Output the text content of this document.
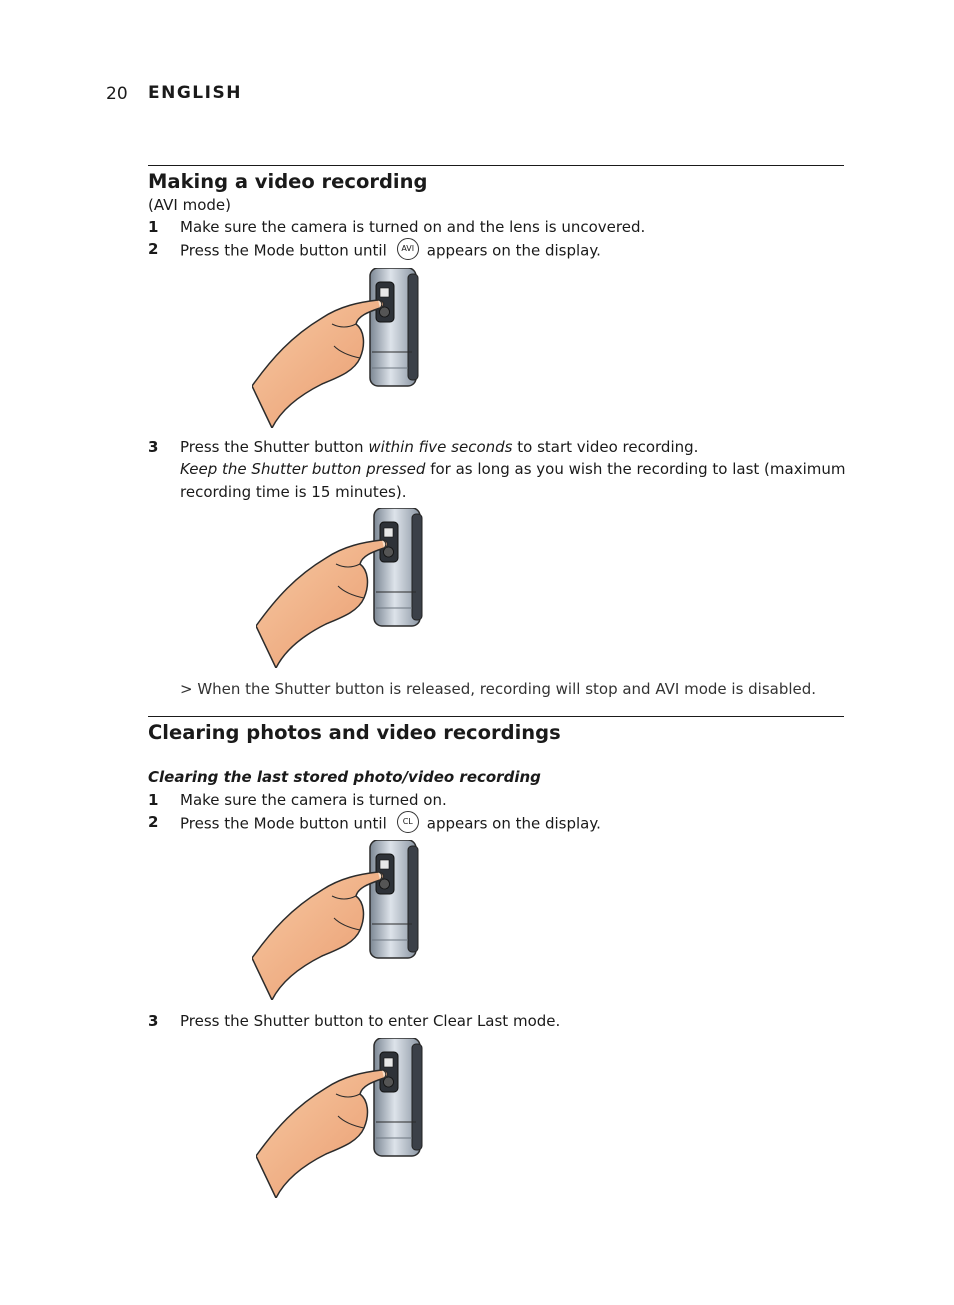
20 ENGLISH
Making a video recording
(AVI mode)
1 Make sure the camera is turned on and the lens is uncovered.
2 Press the Mode button until AVI appears on the display.
3 Press the Shutter button within five seconds to start video recording.
Keep the Shutter button pressed for as long as you wish the recording to last (maximum
recording time is 15 minutes).
> When the Shutter button is released, recording will stop and AVI mode is disabled.
Clearing photos and video recordings
Clearing the last stored photo/video recording
1 Make sure the camera is turned on.
2 Press the Mode button until CL appears on the display.
3 Press the Shutter button to enter Clear Last mode.
